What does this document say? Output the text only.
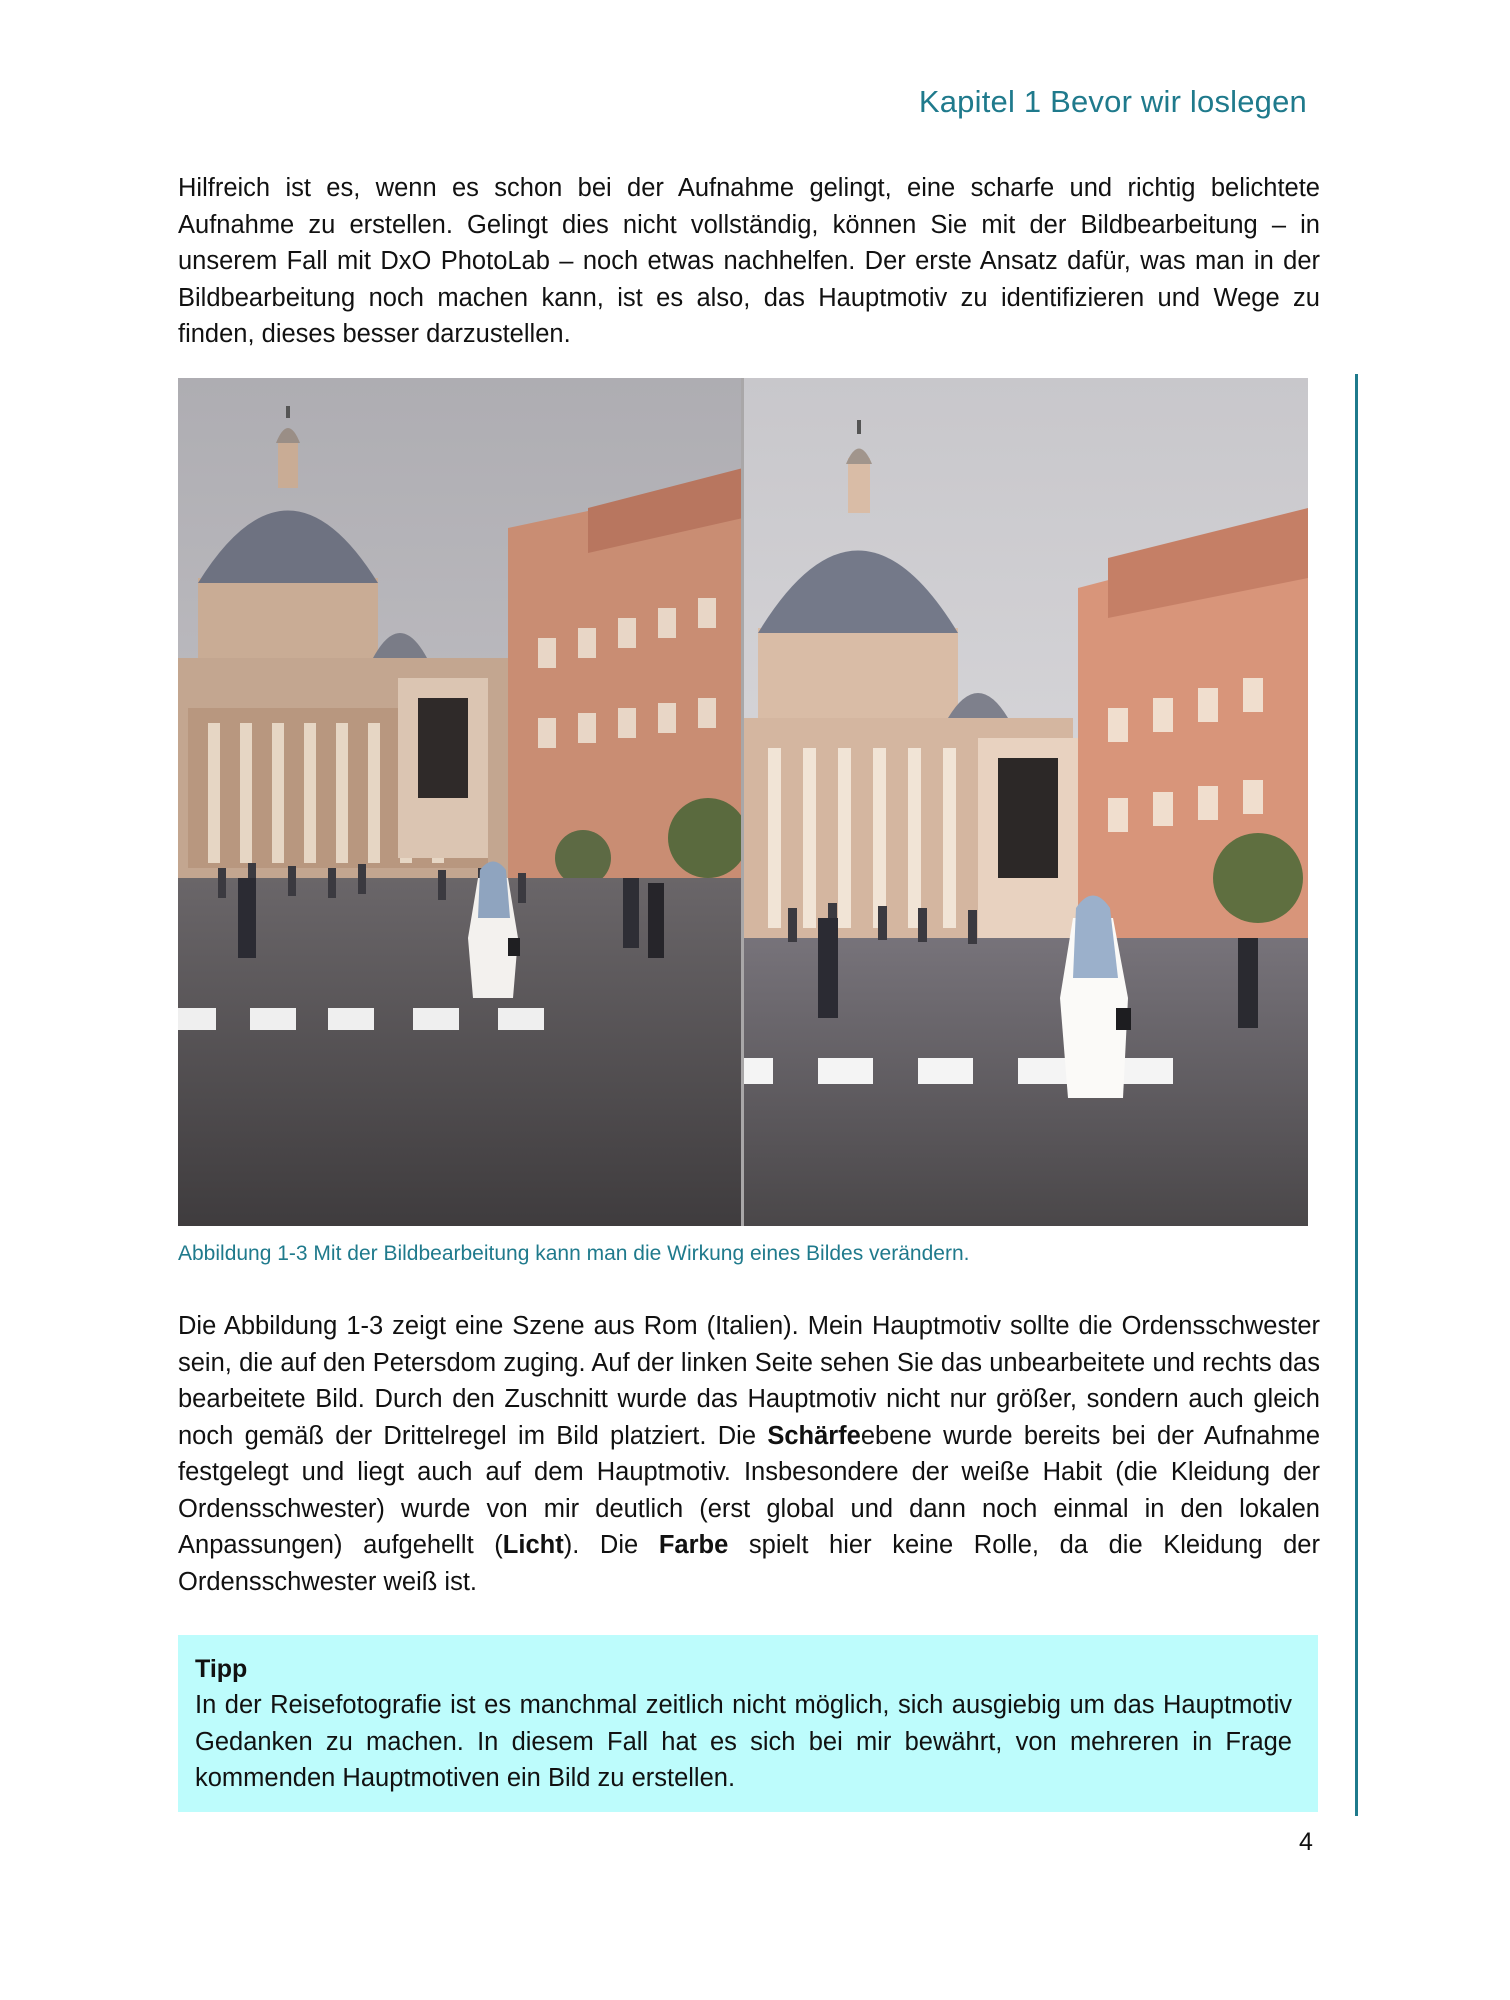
Kapitel 1 Bevor wir loslegen
Hilfreich ist es, wenn es schon bei der Aufnahme gelingt, eine scharfe und richtig belichtete Aufnahme zu erstellen. Gelingt dies nicht vollständig, können Sie mit der Bildbearbeitung – in unserem Fall mit DxO PhotoLab – noch etwas nachhelfen. Der erste Ansatz dafür, was man in der Bildbearbeitung noch machen kann, ist es also, das Hauptmotiv zu identifizieren und Wege zu finden, dieses besser darzustellen.
Abbildung 1-3 Mit der Bildbearbeitung kann man die Wirkung eines Bildes verändern.
Die Abbildung 1-3 zeigt eine Szene aus Rom (Italien). Mein Hauptmotiv sollte die Ordensschwester sein, die auf den Petersdom zuging. Auf der linken Seite sehen Sie das unbearbeitete und rechts das bearbeitete Bild. Durch den Zuschnitt wurde das Hauptmotiv nicht nur größer, sondern auch gleich noch gemäß der Drittelregel im Bild platziert. Die Schärfeebene wurde bereits bei der Aufnahme festgelegt und liegt auch auf dem Hauptmotiv. Insbesondere der weiße Habit (die Kleidung der Ordensschwester) wurde von mir deutlich (erst global und dann noch einmal in den lokalen Anpassungen) aufgehellt (Licht). Die Farbe spielt hier keine Rolle, da die Kleidung der Ordensschwester weiß ist.
Tipp
In der Reisefotografie ist es manchmal zeitlich nicht möglich, sich ausgiebig um das Hauptmotiv Gedanken zu machen. In diesem Fall hat es sich bei mir bewährt, von mehreren in Frage kommenden Hauptmotiven ein Bild zu erstellen.
4
